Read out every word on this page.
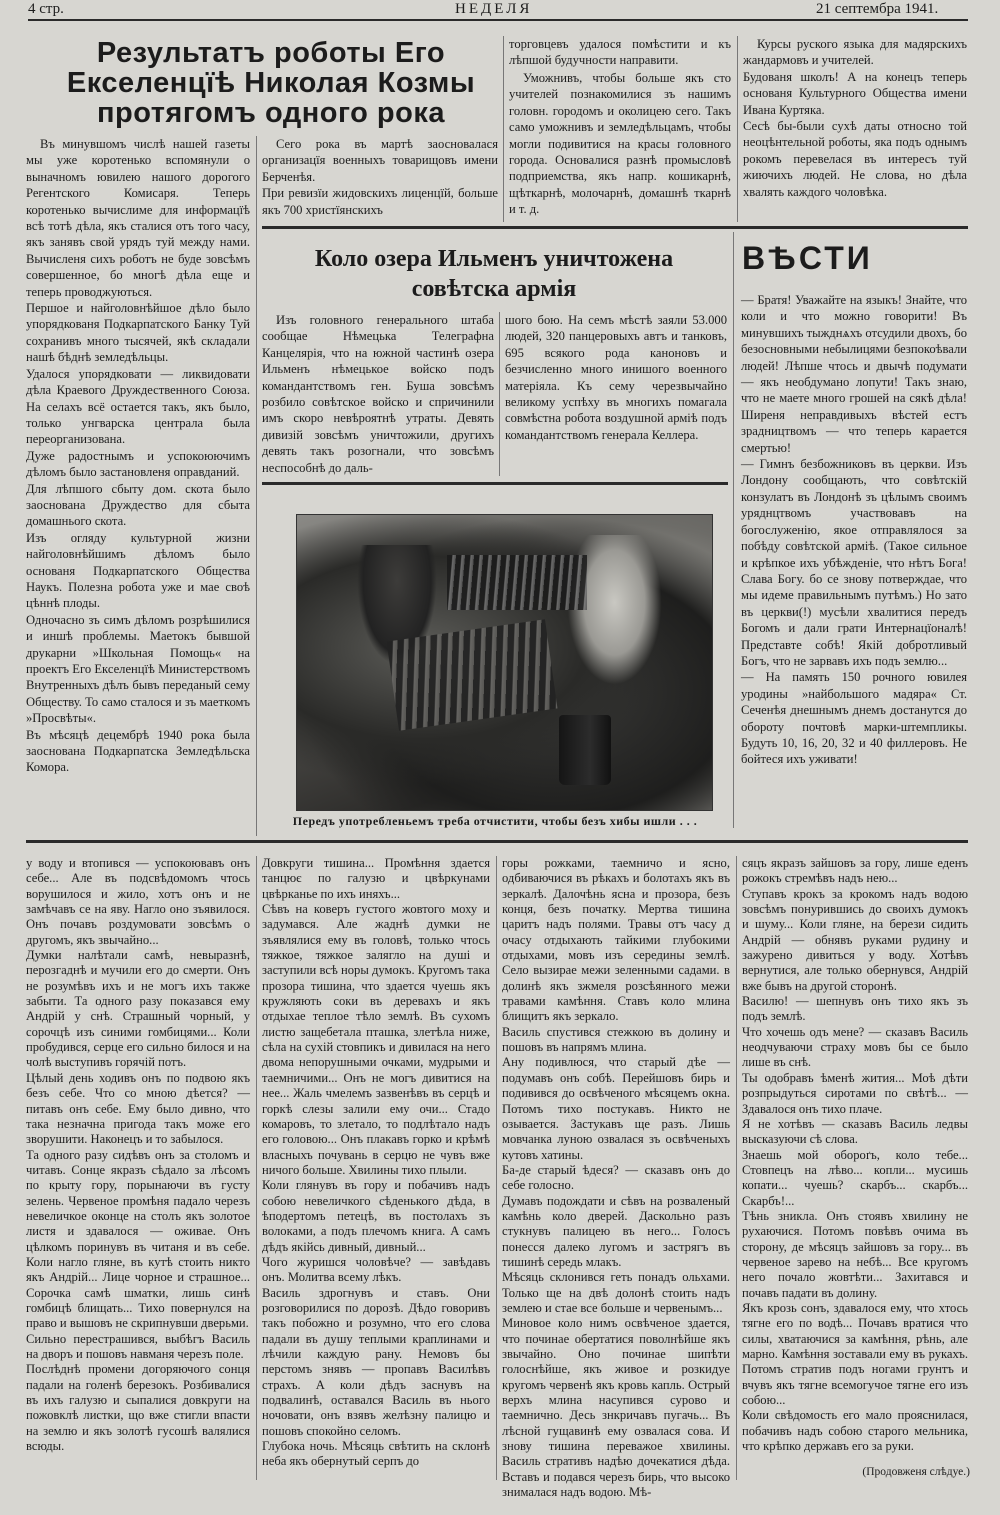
4 стр.	НЕДЕЛЯ	21 септембра 1941.
Результатъ роботы Его
Екселенцїѣ Николая Козмы
протягомъ одного рока
Въ минувшомъ числѣ нашей газеты мы уже коротенько вспомянули о выначномъ ювилею нашого дорогого Регентского Комисаря. Теперь коротенько вычислиме для информацїѣ всѣ тотѣ дѣла, якъ сталися отъ того часу, якъ занявъ свой урядъ туй между нами. Вычисленя сихъ роботъ не буде зовсѣмъ совершенное, бо многѣ дѣла еще и теперь проводжуються.
Першое и найголовнѣйшое дѣло было упорядкованя Подкарпатского Банку Туй сохранивъ много тысячей, якѣ складали нашѣ бѣднѣ земледѣльцы.
Удалося упорядковати — ликвидовати дѣла Краевого Друждественного Союза. На селахъ всё остается такъ, якъ было, только унгварска централа была переорганизована.
Дуже радостнымъ и успокоюючимъ дѣломъ было застановленя оправданий.
Для лѣпшого сбыту дом. скота было заоснована Друждество для сбыта домашнього скота.
Изъ огляду культурной жизни найголовнѣйшимъ дѣломъ было основаня Подкарпатского Общества Наукъ. Полезна робота уже и мае своѣ цѣннѣ плоды.
Одночасно зъ симъ дѣломъ розрѣшилися и иншѣ проблемы. Маетокъ бывшой друкарни »Школьная Помощь« на проектъ Его Екселенцїѣ Министерствомъ Внутренныхъ дѣлъ бывъ переданый сему Обществу. То само сталося и зъ маеткомъ »Просвѣты«.
Въ мѣсяцѣ децембрѣ 1940 рока была заоснована Подкарпатска Земледѣльска Комора.
Сего рока въ мартѣ заосновалася организацїя военныхъ товарищовъ имени Берченѣя.
При ревизїи жидовскихъ лиценцїй, больше якъ 700 христїянскихъ
торговцевъ удалося помѣстити и къ лѣпшой будучности направити.
Уможнивъ, чтобы больше якъ сто учителей познакомилися зъ нашимъ головн. городомъ и околицею сего. Такъ само уможнивъ и земледѣльцамъ, чтобы могли подивитися на красы головного города. Основалися разнѣ промысловѣ подприемства, якъ напр. кошикарнѣ, щѣткарнѣ, молочарнѣ, домашнѣ ткарнѣ и т. д.
Курсы руского языка для мадярскихъ жандармовъ и учителей.
Будованя школъ! А на конецъ теперь основаня Культурного Общества имени Ивана Куртяка.
Сесѣ бы-были сухѣ даты относно той неоцѣнтельной роботы, яка подъ однымъ рокомъ перевелася въ интересъ туй жиючихъ людей. Не слова, но дѣла хвалять каждого чоловѣка.
Коло озера Ильменъ уничтожена
совѣтска армія
Изъ головного генерального штаба сообщае Нѣмецька Телеграфна Канцелярія, что на южной частинѣ озера Ильменъ нѣмецькое войско подъ командантствомъ ген. Буша зовсѣмъ розбило совѣтское войско и спричинили имъ скоро невѣроятнѣ утраты. Девять дивизій зовсѣмъ уничтожили, другихъ девять такъ розогнали, что зовсѣмъ неспособнѣ до даль-
шого бою. На семъ мѣстѣ заяли 53.000 людей, 320 панцеровыхъ автъ и танковъ, 695 всякого рода каноновъ и безчисленно много инишого военного матеріяла. Къ сему черезвычайно великому успѣху въ многихъ помагала совмѣстна робота воздушной арміѣ подъ командантствомъ генерала Келлера.
Передъ употребленьемъ треба отчистити, чтобы безъ хибы ишли . . .
ВѢСТИ
— Братя! Уважайте на языкъ! Знайте, что коли и что можно говорити! Въ минувшихъ тыжднѧхъ отсудили двохъ, бо безосновными небылицями безпокоѣвали людей! Лѣпше чтось и двычѣ подумати — якъ необдумано лопути! Такъ знаю, что не маете много грошей на сякѣ дѣла! Ширеня неправдивыхъ вѣстей естъ зрадництвомъ — что теперь карается смертью!
— Гимнъ безбожниковъ въ церкви. Изъ Лондону сообщають, что совѣтскій конзулатъ въ Лондонѣ зъ цѣлымъ своимъ уряднцтвомъ участвовавъ на богослуженію, якое отправлялося за побѣду совѣтской арміѣ. (Такое сильное и крѣпкое ихъ убѣжденіе, что нѣтъ Бога! Слава Богу. бо се знову потверждае, что мы идеме правильнымъ путѣмъ.) Но зато въ церкви(!) мусѣли хвалитися передъ Богомъ и дали грати Интернацїоналѣ! Представте собѣ! Якій добротливый Богъ, что не зарвавъ ихъ подъ землю...
— На память 150 рочного ювилея уродины »найбольшого мадяра« Ст. Сеченѣя днешнымъ днемъ достанутся до обороту почтовѣ марки-штемпликы. Будуть 10, 16, 20, 32 и 40 филлеровъ. Не бойтеся ихъ уживати!
у воду и втопився — успокоювавъ онъ себе... Але въ подсвѣдомомъ чтось ворушилося и жило, хотъ онъ и не замѣчавъ се на яву. Нагло оно зъявилося. Онъ почавъ роздумовати зовсѣмъ о другомъ, якъ звычайно...
Думки налѣтали самѣ, невыразнѣ, перозгаднѣ и мучили его до смерти. Онъ не розумѣвъ ихъ и не могъ ихъ также забыти. Та одного разу показався ему Андрій у снѣ. Страшный чорный, у сорочцѣ изъ синими гомбицями... Коли пробудився, серце его сильно билося и на чолѣ выступивъ горячій потъ.
Цѣлый день ходивъ онъ по подвою якъ безъ себе. Что со мною дѣется? — питавъ онъ себе. Ему было дивно, что така незначна пригода такъ може его зворушити. Наконецъ и то забылося.
Та одного разу сидѣвъ онъ за столомъ и читавъ. Сонце якразъ сѣдало за лѣсомъ по крыту гору, порынаючи въ густу зелень. Червеное промѣня падало черезъ невеличкое оконце на столъ якъ золотое листя и здавалося — оживае. Онъ цѣлкомъ поринувъ въ читаня и въ себе. Коли нагло гляне, въ кутѣ стоить никто якъ Андрій... Лице чорное и страшное... Сорочка самѣ шматки, лишь синѣ гомбицѣ блищать... Тихо повернулся на право и вышовъ не скрипнувши дверьми.
Сильно перестрашився, выбѣгъ Василь на дворъ и пошовъ навманя черезъ поле.
Послѣднѣ промени догоряючого сонця падали на голенѣ березокъ. Розбивалися въ ихъ галузю и сыпалися довкруги на пожовклѣ листки, що вже стигли впасти на землю и якъ золотѣ гусошѣ валялися всюды.
Довкруги тишина... Промѣння здается танцює по галузю и цвѣркунами цвѣрканье по ихъ иняхъ...
Сѣвъ на коверъ густого жовтого моху и задумався. Але жаднѣ думки не зъявлялися ему въ головѣ, только чтось тяжкое, тяжкое залягло на душі и заступили всѣ норы думокъ. Кругомъ така прозора тишина, что здается чуешь якъ кружляють соки въ деревахъ и якъ отдыхае теплое тѣло землѣ. Въ сухомъ листю защебетала пташка, злетѣла ниже, сѣла на сухій стовпикъ и дивилася на него двома непорушными очками, мудрыми и таемничими... Онъ не могъ дивитися на нее... Жаль чмелемъ зазвенѣвъ въ серцѣ и горкѣ слезы залили ему очи... Стадо комаровъ, то злетало, то подлѣтало надъ его головою... Онъ плакавъ горко и крѣмѣ власныхъ почувань в серцю не чувъ вже ничого больше. Хвилины тихо плыли.
Коли глянувъ въ гору и побачивъ надъ собою невеличкого сѣденького дѣда, в ѣподертомъ петецѣ, въ постолахъ зъ волоками, а подъ плечомъ книга. А самъ дѣдъ якійсь дивный, дивный...
Чого журишся чоловѣче? — завѣдавъ онъ. Молитва всему лѣкъ.
Василь здрогнувъ и ставъ. Они розговорилися по дорозѣ. Дѣдо говоривъ такъ побожно и розумно, что его слова падали въ душу теплыми краплинами и лѣчили каждую рану. Немовъ бы перстомъ знявъ — пропавъ Василѣвъ страхъ. А коли дѣдъ заснувъ на подвалинѣ, оставался Василь въ нього ночовати, онъ взявъ желѣзну палицю и пошовъ спокойно селомъ.
Глубока ночь. Мѣсяць свѣтить на склонѣ неба якъ обернутый серпъ до
горы рожками, таемничо и ясно, одбиваючися въ рѣкахъ и болотахъ якъ въ зеркалѣ. Далочѣнь ясна и прозора, безъ конця, безъ початку. Мертва тишина царитъ надъ полями. Травы отъ часу д очасу отдыхають тайкими глубокими отдыхами, мовъ изъ середины землѣ. Село вызирае межи зеленными садами. в долинѣ якъ зжмеля розсѣянного межи травами камѣння. Ставъ коло млина блищитъ якъ зеркало.
Василь спустився стежкою въ долину и пошовъ въ напрямъ млина.
Ану подивлюся, что старый дѣе — подумавъ онъ собѣ. Перейшовъ бирь и подивився до освѣченого мѣсяцемъ окна. Потомъ тихо постукавъ. Никто не озывается. Застукавъ ще разъ. Лишь мовчанка луною озвалася зъ освѣченыхъ кутовъ хатины.
Ба-де старый ѣдеся? — сказавъ онъ до себе голосно.
Думавъ подождати и сѣвъ на розваленый камѣнь коло дверей. Даскольно разъ стукнувъ палицею въ него... Голосъ понесся далеко лугомъ и застрягъ въ тишинѣ середь млакъ.
Мѣсяць склонився геть понадъ ольхами. Только ще на двѣ долонѣ стоить надъ землею и стае все больше и червенымъ...
Миновое коло нимъ освѣченое здается, что починае обертатися поволнѣйше якъ звычайно. Оно починае шипѣти голоснѣйше, якъ живое и розкидуе кругомъ червенѣ якъ кровь капль. Острый верхъ млина насупився сурово и таемнично. Десь знкричавъ пугачь... Въ лѣсной гущавинѣ ему озвалася сова. И знову тишина переважое хвилины. Василь стративъ надѣю дочекатися дѣда. Вставъ и подався черезъ бирь, что высоко знималася надъ водою. Мѣ-
сяцъ якразъ зайшовъ за гору, лише еденъ рожокъ стремѣвъ надъ нею...
Ступавъ крокъ за крокомъ надъ водою зовсѣмъ понурившись до своихъ думокъ и шуму... Коли гляне, на берези сидить Андрій — обнявъ руками рудину и зажурено дивиться у воду. Хотѣвъ вернутися, але только обернувся, Андрій вже бывъ на другой сторонѣ.
Василю! — шепнувъ онъ тихо якъ зъ подъ землѣ.
Что хочешь одъ мене? — сказавъ Василь неодчуваючи страху мовъ бы се было лише въ снѣ.
Ты одобравъ ѣменѣ жития... Моѣ дѣти розпрыдуться сиротами по свѣтѣ... — Здавалося онъ тихо плаче.
Я не хотѣвъ — сказавъ Василь ледвы высказуючи сѣ слова.
Знаешь мой обороґъ, коло тебе... Стовпецъ на лѣво... копли... мусишь копати... чуешь? скарбъ... скарбъ... Скарбъ!...
Тѣнь зникла. Онъ стоявъ хвилину не рухаючися. Потомъ повѣвъ очима въ сторону, де мѣсяцъ зайшовъ за гору... въ червеное зарево на небѣ... Все кругомъ него почало жовтѣти... Захитався и почавъ падати въ долину.
Якъ крозь сонъ, здавалося ему, что хтось тягне его по водѣ... Почавъ вратися что силы, хватаючися за камѣння, рѣнь, але марно. Камѣння зоставали ему въ рукахъ. Потомъ стратив подъ ногами грунтъ и вчувъ якъ тягне всемогучое тягне его изъ собою...
Коли свѣдомость его мало прояснилася, побачивъ надъ собою старого мельника, что крѣпко державъ его за руки.
(Продовженя слѣдуе.)
